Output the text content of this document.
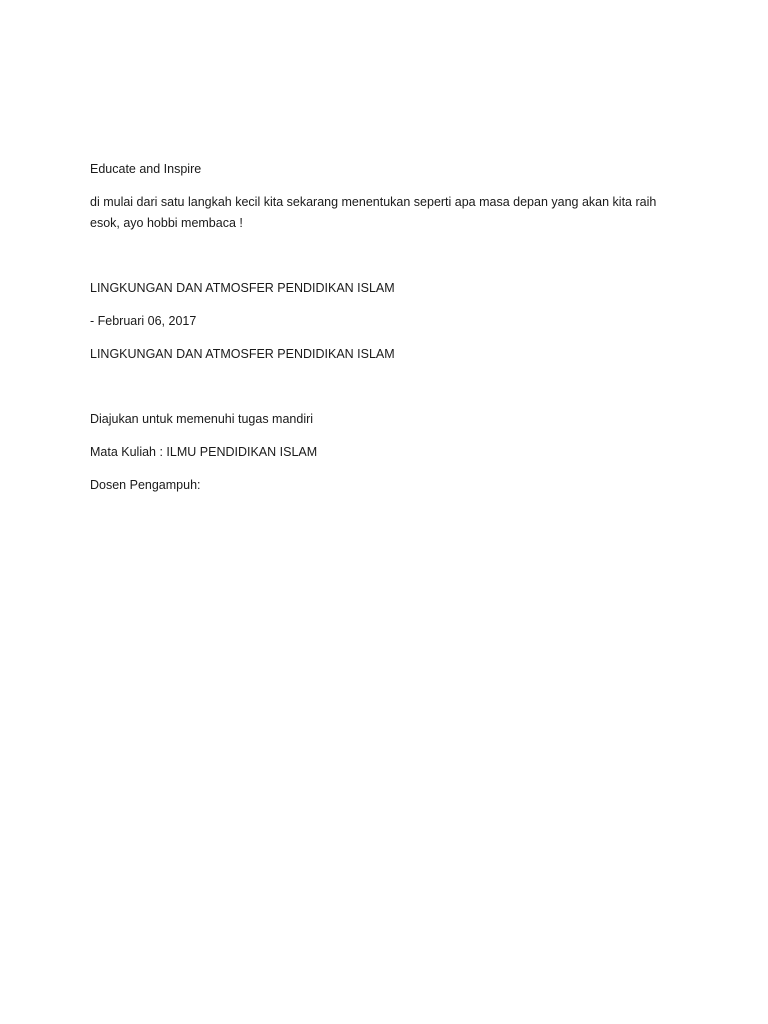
Educate and Inspire

di mulai dari satu langkah kecil kita sekarang menentukan seperti apa masa depan yang akan kita raih esok, ayo hobbi membaca !

LINGKUNGAN DAN ATMOSFER PENDIDIKAN ISLAM

- Februari 06, 2017

LINGKUNGAN DAN ATMOSFER PENDIDIKAN ISLAM

Diajukan untuk memenuhi tugas mandiri

Mata Kuliah : ILMU PENDIDIKAN ISLAM

Dosen Pengampuh:
